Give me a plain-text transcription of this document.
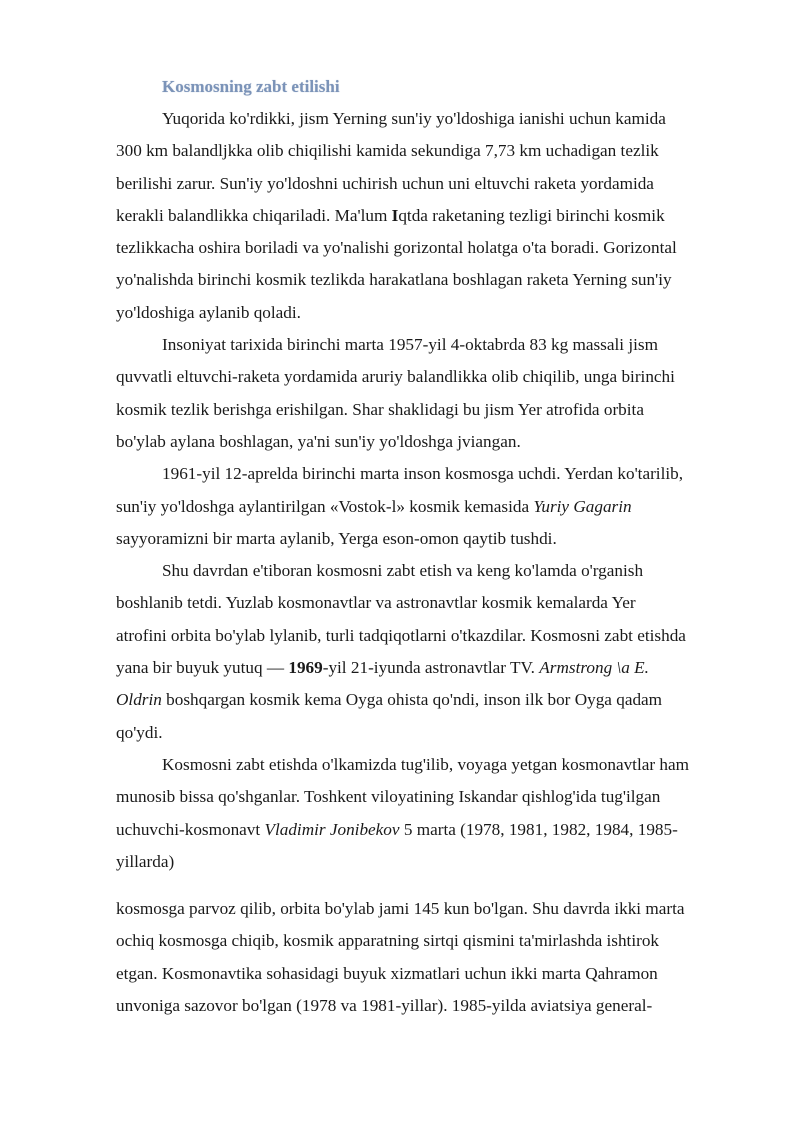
Kosmosning zabt etilishi
Yuqorida ko'rdikki, jism Yerning sun'iy yo'ldoshiga ianishi uchun kamida
300 km balandljkka olib chiqilishi kamida sekundiga 7,73 km uchadigan tezlik
berilishi zarur. Sun'iy yo'ldoshni uchirish uchun uni eltuvchi raketa yordamida
kerakli balandlikka chiqariladi. Ma'lum Iqtda raketaning tezligi birinchi kosmik
tezlikkacha oshira boriladi va yo'nalishi gorizontal holatga o'ta boradi. Gorizontal
yo'nalishda birinchi kosmik tezlikda harakatlana boshlagan raketa Yerning sun'iy
yo'ldoshiga aylanib qoladi.
Insoniyat tarixida birinchi marta 1957-yil 4-oktabrda 83 kg massali jism
quvvatli eltuvchi-raketa yordamida aruriy balandlikka olib chiqilib, unga birinchi
kosmik tezlik berishga erishilgan. Shar shaklidagi bu jism Yer atrofida orbita
bo'ylab aylana boshlagan, ya'ni sun'iy yo'ldoshga jviangan.
1961-yil 12-aprelda birinchi marta inson kosmosga uchdi. Yerdan ko'tarilib,
sun'iy yo'ldoshga aylantirilgan «Vostok-l» kosmik kemasida Yuriy Gagarin
sayyoramizni bir marta aylanib, Yerga eson-omon qaytib tushdi.
Shu davrdan e'tiboran kosmosni zabt etish va keng ko'lamda o'rganish
boshlanib tetdi. Yuzlab kosmonavtlar va astronavtlar kosmik kemalarda Yer
atrofini orbita bo'ylab lylanib, turli tadqiqotlarni o'tkazdilar. Kosmosni zabt etishda
yana bir buyuk yutuq — 1969-yil 21-iyunda astronavtlar TV. Armstrong \a E.
Oldrin boshqargan kosmik kema Oyga ohista qo'ndi, inson ilk bor Oyga qadam
qo'ydi.
Kosmosni zabt etishda o'lkamizda tug'ilib, voyaga yetgan kosmonavtlar ham
munosib bissa qo'shganlar. Toshkent viloyatining Iskandar qishlog'ida tug'ilgan
uchuvchi-kosmonavt Vladimir Jonibekov 5 marta (1978, 1981, 1982, 1984, 1985-
yillarda)
kosmosga parvoz qilib, orbita bo'ylab jami 145 kun bo'lgan. Shu davrda ikki marta
ochiq kosmosga chiqib, kosmik apparatning sirtqi qismini ta'mirlashda ishtirok
etgan. Kosmonavtika sohasidagi buyuk xizmatlari uchun ikki marta Qahramon
unvoniga sazovor bo'lgan (1978 va 1981-yillar). 1985-yilda aviatsiya general-
